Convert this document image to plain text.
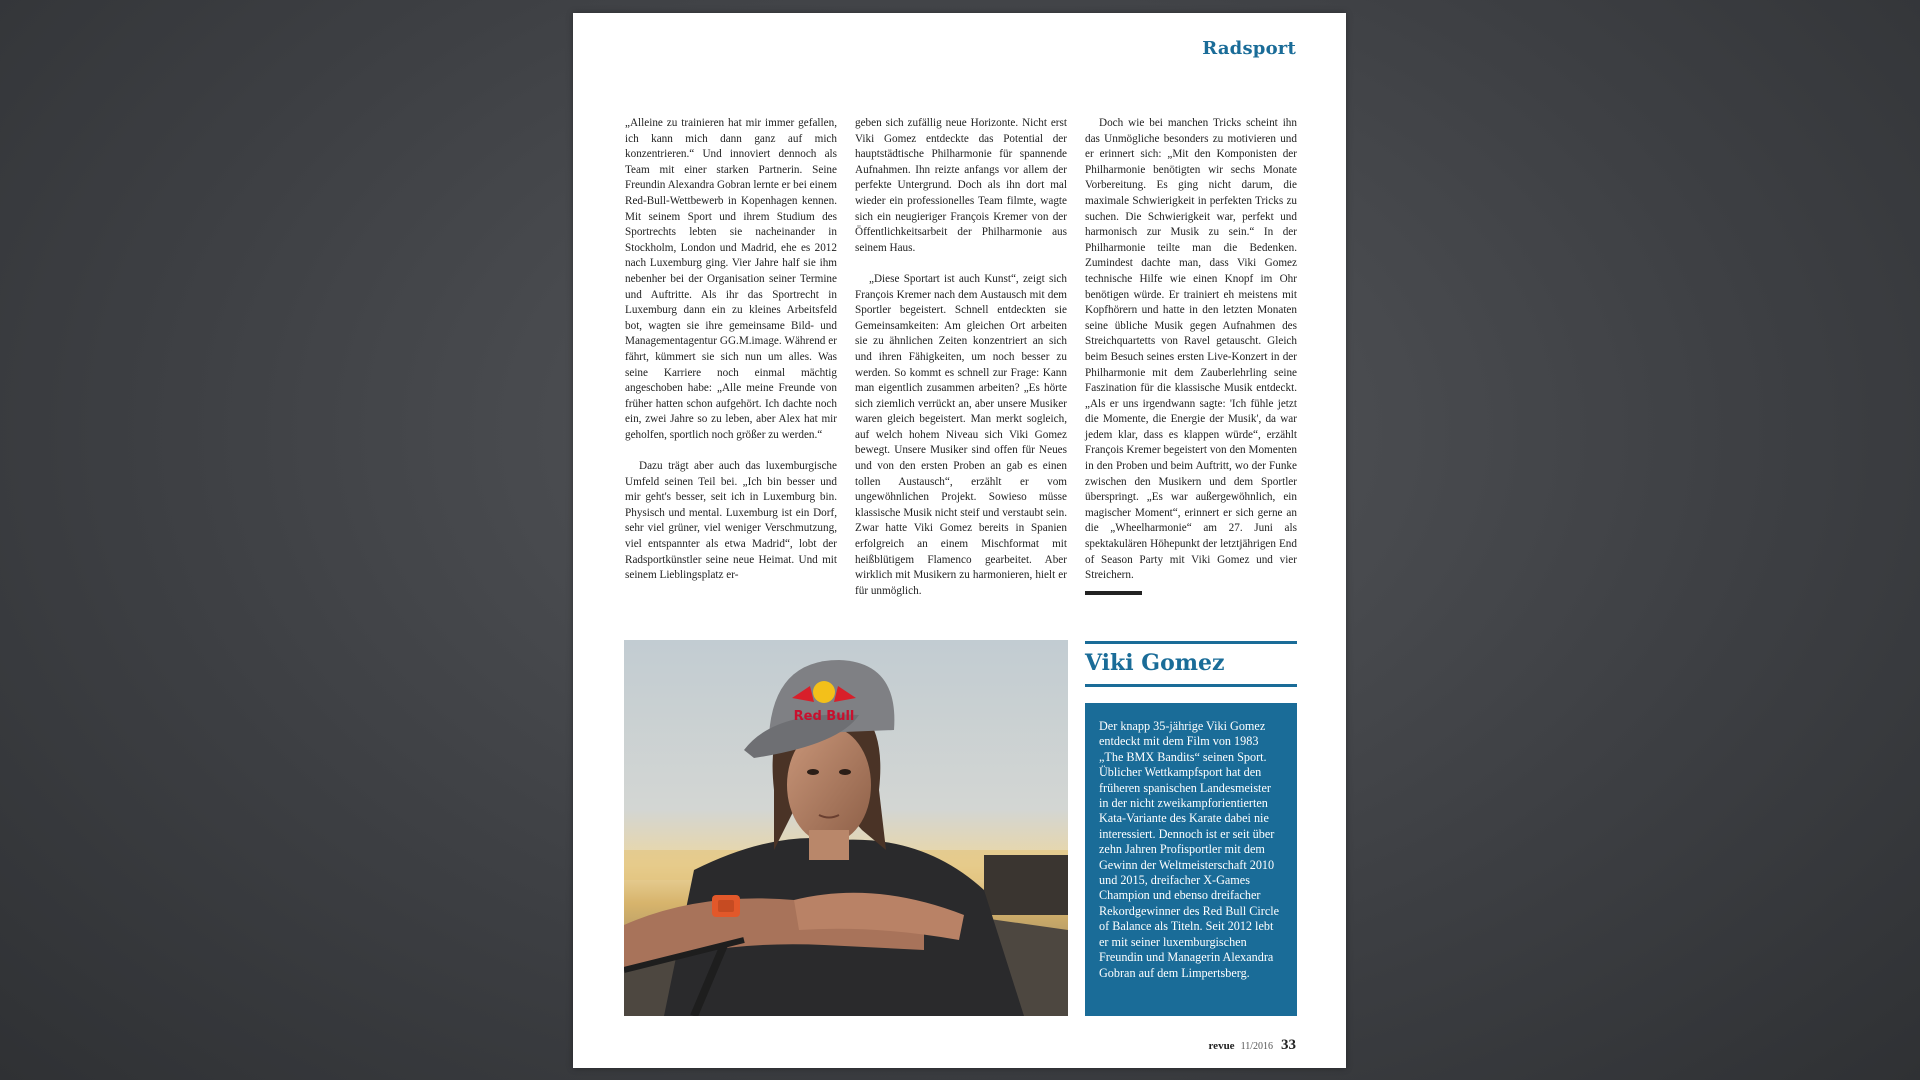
Radsport

„Alleine zu trainieren hat mir immer gefallen, ich kann mich dann ganz auf mich konzentrieren.“ Und innoviert dennoch als Team mit einer starken Partnerin. Seine Freundin Alexandra Gobran lernte er bei einem Red-Bull-Wettbewerb in Kopenhagen kennen. Mit seinem Sport und ihrem Studium des Sportrechts lebten sie nacheinander in Stockholm, London und Madrid, ehe es 2012 nach Luxemburg ging. Vier Jahre half sie ihm nebenher bei der Organisation seiner Termine und Auftritte. Als ihr das Sportrecht in Luxemburg dann ein zu kleines Arbeitsfeld bot, wagten sie ihre gemeinsame Bild- und Managementagentur GG.M.image. Während er fährt, kümmert sie sich nun um alles. Was seine Karriere noch einmal mächtig angeschoben habe: „Alle meine Freunde von früher hatten schon aufgehört. Ich dachte noch ein, zwei Jahre so zu leben, aber Alex hat mir geholfen, sportlich noch größer zu werden.“

Dazu trägt aber auch das luxemburgische Umfeld seinen Teil bei. „Ich bin besser und mir geht's besser, seit ich in Luxemburg bin. Physisch und mental. Luxemburg ist ein Dorf, sehr viel grüner, viel weniger Verschmutzung, viel entspannter als etwa Madrid“, lobt der Radsportkünstler seine neue Heimat. Und mit seinem Lieblingsplatz er-

geben sich zufällig neue Horizonte. Nicht erst Viki Gomez entdeckte das Potential der hauptstädtische Philharmonie für spannende Aufnahmen. Ihn reizte anfangs vor allem der perfekte Untergrund. Doch als ihn dort mal wieder ein professionelles Team filmte, wagte sich ein neugieriger François Kremer von der Öffentlichkeitsarbeit der Philharmonie aus seinem Haus.

„Diese Sportart ist auch Kunst“, zeigt sich François Kremer nach dem Austausch mit dem Sportler begeistert. Schnell entdeckten sie Gemeinsamkeiten: Am gleichen Ort arbeiten sie zu ähnlichen Zeiten konzentriert an sich und ihren Fähigkeiten, um noch besser zu werden. So kommt es schnell zur Frage: Kann man eigentlich zusammen arbeiten? „Es hörte sich ziemlich verrückt an, aber unsere Musiker waren gleich begeistert. Man merkt sogleich, auf welch hohem Niveau sich Viki Gomez bewegt. Unsere Musiker sind offen für Neues und von den ersten Proben an gab es einen tollen Austausch“, erzählt er vom ungewöhnlichen Projekt. Sowieso müsse klassische Musik nicht steif und verstaubt sein. Zwar hatte Viki Gomez bereits in Spanien erfolgreich an einem Mischformat mit heißblütigem Flamenco gearbeitet. Aber wirklich mit Musikern zu harmonieren, hielt er für unmöglich.

Doch wie bei manchen Tricks scheint ihn das Unmögliche besonders zu motivieren und er erinnert sich: „Mit den Komponisten der Philharmonie benötigten wir sechs Monate Vorbereitung. Es ging nicht darum, die maximale Schwierigkeit in perfekten Tricks zu suchen. Die Schwierigkeit war, perfekt und harmonisch zur Musik zu sein.“ In der Philharmonie teilte man die Bedenken. Zumindest dachte man, dass Viki Gomez technische Hilfe wie einen Knopf im Ohr benötigen würde. Er trainiert eh meistens mit Kopfhörern und hatte in den letzten Monaten seine übliche Musik gegen Aufnahmen des Streichquartetts von Ravel getauscht. Gleich beim Besuch seines ersten Live-Konzert in der Philharmonie mit dem Zauberlehrling seine Faszination für die klassische Musik entdeckt. „Als er uns irgendwann sagte: 'Ich fühle jetzt die Momente, die Energie der Musik', da war jedem klar, dass es klappen würde“, erzählt François Kremer begeistert von den Momenten in den Proben und beim Auftritt, wo der Funke zwischen den Musikern und dem Sportler überspringt. „Es war außergewöhnlich, ein magischer Moment“, erinnert er sich gerne an die „Wheelharmonie“ am 27. Juni als spektakulären Höhepunkt der letztjährigen End of Season Party mit Viki Gomez und vier Streichern.

Red Bull
Viki Gomez
Der knapp 35-jährige Viki Gomez entdeckt mit dem Film von 1983 „The BMX Bandits“ seinen Sport. Üblicher Wettkampfsport hat den früheren spanischen Landesmeister in der nicht zweikampforientierten Kata-Variante des Karate dabei nie interessiert. Dennoch ist er seit über zehn Jahren Profisportler mit dem Gewinn der Weltmeisterschaft 2010 und 2015, dreifacher X-Games Champion und ebenso dreifacher Rekordgewinner des Red Bull Circle of Balance als Titeln. Seit 2012 lebt er mit seiner luxemburgischen Freundin und Managerin Alexandra Gobran auf dem Limpertsberg.
revue 11/2016 33
